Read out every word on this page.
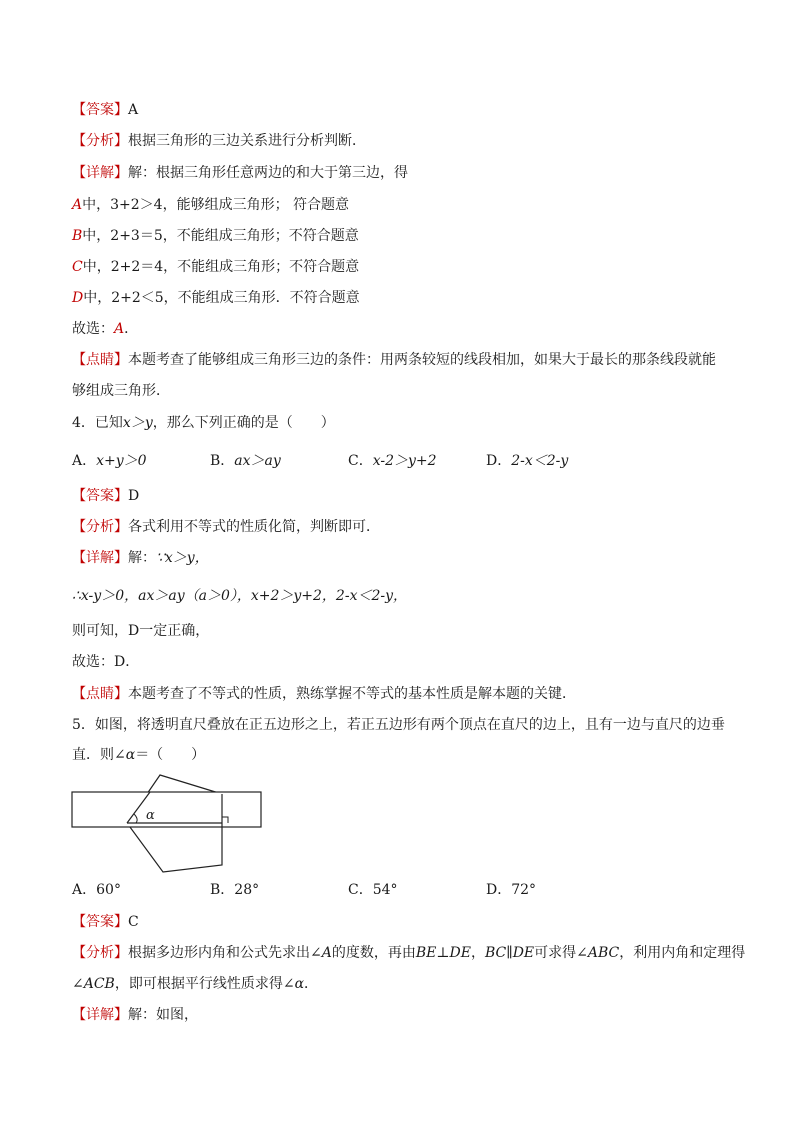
【答案】A
【分析】根据三角形的三边关系进行分析判断．
【详解】解：根据三角形任意两边的和大于第三边，得
A中，3+2＞4，能够组成三角形； 符合题意
B中，2+3＝5，不能组成三角形；不符合题意
C中，2+2＝4，不能组成三角形；不符合题意
D中，2+2＜5，不能组成三角形．不符合题意
故选：A．
【点睛】本题考查了能够组成三角形三边的条件：用两条较短的线段相加，如果大于最长的那条线段就能
够组成三角形．
4．已知x＞y，那么下列正确的是（　　）
A．x+y＞0	B．ax＞ay	C．x-2＞y+2	D．2-x＜2-y
【答案】D
【分析】各式利用不等式的性质化简，判断即可．
【详解】解：∵x＞y，
∴x-y＞0，ax＞ay（a＞0），x+2＞y+2，2-x＜2-y，
则可知，D一定正确，
故选：D．
【点睛】本题考查了不等式的性质，熟练掌握不等式的基本性质是解本题的关键．
5．如图，将透明直尺叠放在正五边形之上，若正五边形有两个顶点在直尺的边上，且有一边与直尺的边垂
直．则∠α＝（　　）
α
A．60°	B．28°	C．54°	D．72°
【答案】C
【分析】根据多边形内角和公式先求出∠A的度数，再由BE⊥DE，BC∥DE可求得∠ABC，利用内角和定理得
∠ACB，即可根据平行线性质求得∠α．
【详解】解：如图，
